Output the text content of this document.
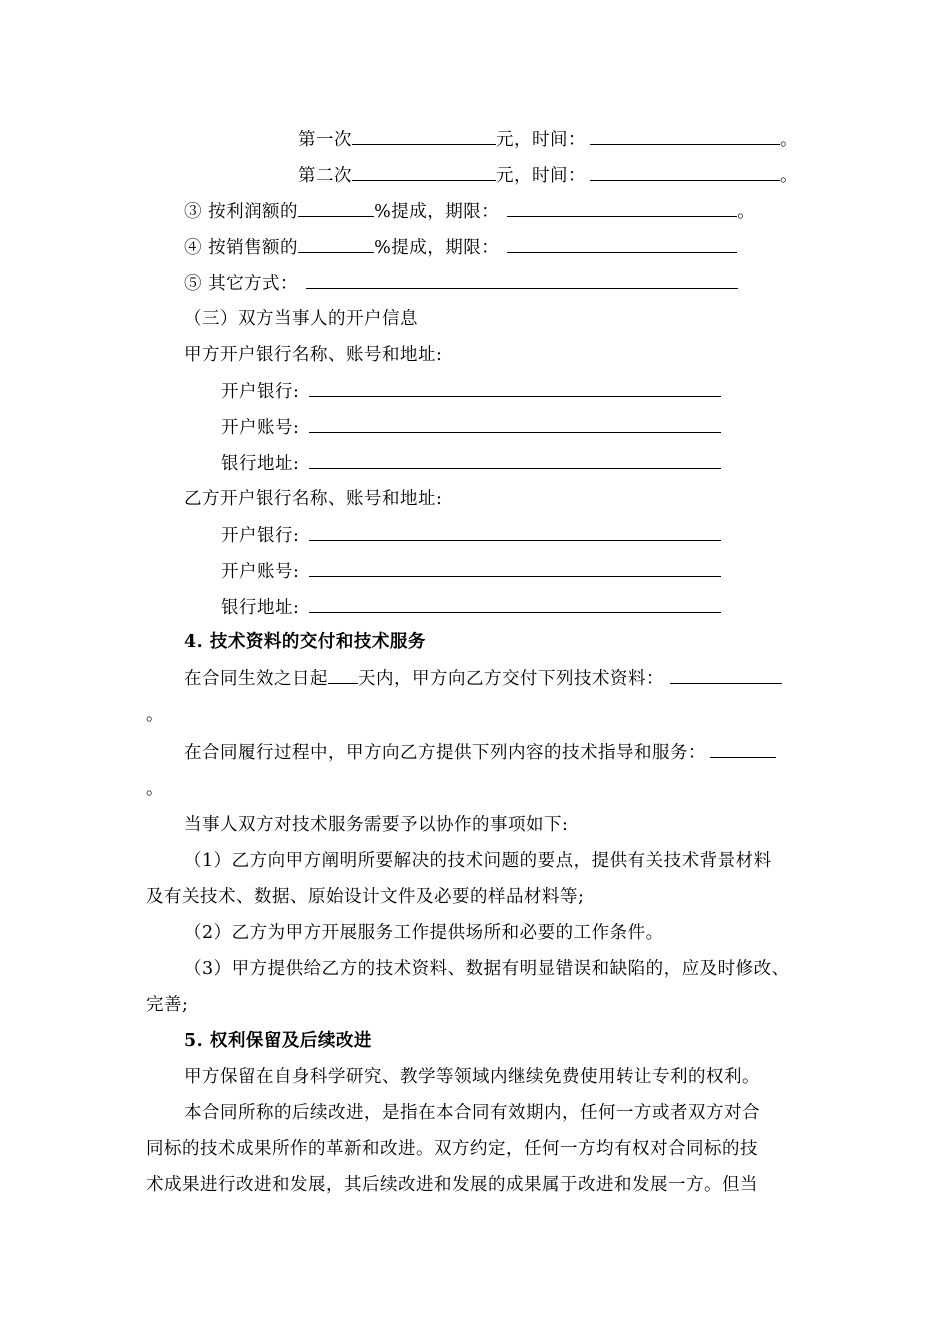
第一次	元，时间：	。
第二次	元，时间：	。
③ 按利润额的	%提成，期限：	。
④ 按销售额的	%提成，期限：
⑤ 其它方式：
（三）双方当事人的开户信息
甲方开户银行名称、账号和地址:
开户银行:
开户账号:
银行地址:
乙方开户银行名称、账号和地址:
开户银行:
开户账号:
银行地址:
4. 技术资料的交付和技术服务
在合同生效之日起 天内，甲方向乙方交付下列技术资料：
。
在合同履行过程中，甲方向乙方提供下列内容的技术指导和服务：
。
当事人双方对技术服务需要予以协作的事项如下:
（1）乙方向甲方阐明所要解决的技术问题的要点，提供有关技术背景材料
及有关技术、数据、原始设计文件及必要的样品材料等;
（2）乙方为甲方开展服务工作提供场所和必要的工作条件。
（3）甲方提供给乙方的技术资料、数据有明显错误和缺陷的，应及时修改、
完善;
5. 权利保留及后续改进
甲方保留在自身科学研究、教学等领域内继续免费使用转让专利的权利。
本合同所称的后续改进，是指在本合同有效期内，任何一方或者双方对合
同标的技术成果所作的革新和改进。双方约定，任何一方均有权对合同标的技
术成果进行改进和发展，其后续改进和发展的成果属于改进和发展一方。但当
